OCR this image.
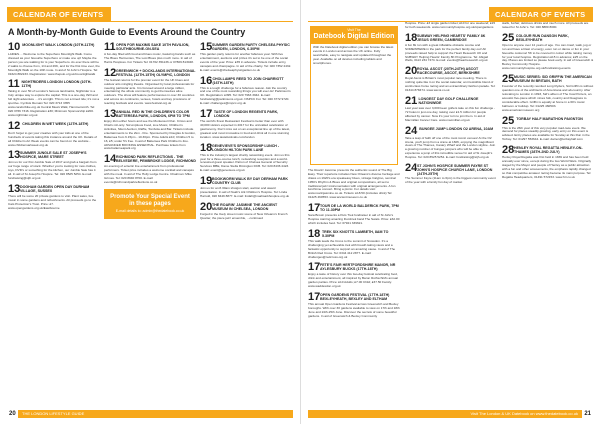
CALENDAR OF EVENTS
A Month-by-Month Guide to Events Around the Country
10 MOONLIGHT WALK LONDON (10TH-11TH)
LADIES.... Welcome to the Superhero Moonlight Walk. Come dressed as your favourite Superhero or make one up! Maybe the person you are walking for is your Superhero. As ever there will be 2 walks to choose from, 1/4 and 26K, and for the first time ever, the Moonlight Walk on the 10th route. In aid of St John's Hospice. Tel: 01624 882233. Registration: www.thepolo.org.uk/moonlightwalk
11 NIGHTRIDERS LONDON LONDON (10TH-11TH)
Taking in over 50 of London's famous landmarks, Nightrider is a truly unique way to explore the capital. This is a one-day thrill and full night adventure ... it's at night. This is not a timed ride; it's not a sportive. Cyclists Remain Tel: 020 3713 3355 www.careforbike.org.uk Central Mews Walk, Hammersmith. Tel: 020 3766 7316. Registration £30; Minimum Sponsorship £200. www.nightrider.org.uk
12 CHILDREN IN WET WEEK (12TH-18TH)
Don't forget to get your creative with your kids at one of the hundreds of events taking this instance around the UK. Details of all Children's Art Week events can be found on the website - www.childrensartweek.org.uk
13 SUMMER JUNGLE SALE ST JOSEPH'S HOSPICE, MARE STREET
Join us for our first Jumble Sale of 2017 and grab a bargain from our huge range of stock. Whether you're looking for new clothes, toys, DVD's or something for the kitchen, our Jumble Sale has it all. In aid of St Joseph's Hospice. Tel: 020 8525 5254. E-mail: fundraising@stjh.org.uk
13 DOGHAM GARDEN OPEN DAY DURHAM VILLAGE, SUSSEX
There will be some 20 private gardens to visit. Plant sales, live music in some gardens and refreshments. All proceeds go to the Cats Protection's Trust. Price: £7. www.opengardens.org.uk/Eastbourne
11 OPEN FOR MAXIMS SAKE 10TH PAVILION, SOUTHBOURNE-ON-SEA
A fun-day filled with food and blues music, featuring bands such as The Blues Harmonies, The Lost Blues plus much more. In aid of Harris Hospices. For Tickets Tel: 01702 351136 or 07809 813048.
12 GREENWICH + DOCKLANDS INTERNATIONAL FESTIVAL (12TH-15TH) OLYMPIC, LONDON
The festival returns for the premier event for the UK blues and outdoor arts mingling theatre. Organised by local professionals for meeting particular acts. It is focused around a large million, entertaining the whole community to get themselves alive outdoors. The show will feature performances in over 30 countries and across six continents, venues, hotels and key provisions of reacting festivals and events. www.festival.org.uk
13 ANNUAL RED IN THE CHILDREN'S COLOR BATTERSEA PARK, LONDON, 6PM TO 7PM
Enjoy 2km either hours and see the Montessori Run. Circus and Chiefs roll-only. Scrumptious Food, Live Music, Children's Activities, Silent Auction, Raffle, Tombola and Bar. Tickets include entertainments to the 2km - Fire. Sponsored by Douglas & Gordon, Battersea from 6.15pm - 10.30pm. Price Adults £10; Children 5 to 16, £5; under 5's free. In aid of Battersea Park Children's Zoo. ADVANCED BOOKING ESSENTIAL. Purchase tickets from www.batterseapark.org
14 RICHMOND PARK REFLECTIONS - THE BELVEDERE, PEMBROKE LODGE, RICHMOND
An evening of eclectic live entertainment from professional performers. Ticket price includes a welcome cocktail and canapés with the meal. In aid of The Holly Lodge Centre. Chairman: Mike Grimes. Tel: 020 8940 8700. E-mail: events@richmondparkreflections.co.uk
Promote Your Special Event in these pages
E-mail details to: admin@thedatebook.co.uk
15 SUMMER GARDEN PARTY CHELSEA PHYSIC GARDEN, LONDON, 6.30PM
This garden party returns for another fabulous year. With live entertainment, auctions and prizes it's set to be one of the social events of the year. Price: £35 in advance. Tickets include entry, canapés and champagne. In aid of the charity. Tel: 020 7352 2432. E-mail: events@chelseaphysicgarden.co.uk
16 CHOLLAMPS REED TO JOIN CHARRIOTT (16TH-18TH)
This is a tough challenge for a fabulous reason. Ask the country and one of the most rewarding things you will ever do! Parkinson's UK. Registration: £395. Tel: 020 7963 3942. E-mail: fundraising@parkinsons.org.uk. NSPCC Fol. Tel: 020 3772 9720. E-mail: challenges@nspcc.org.uk
17 TASTE OF LONDON REGENTS PARK, LONDON
The world's finest Restaurant Festival is better than ever with 40,000 visitors expected in 2017 for the unrivalled celebration of gastronomy. Don't miss out on an exceptional line up of the latest, greatest and most innovative in food and drink all in one stunning location. www.tastefestivals.com/london
18 GENEVIEVE'S SPONSORSHIP LUNCH - LONDON HILTON PARK LANE
This is the industry's largest charity networking event. Join us this year for a three-course lunch, networking reception and a world-renowned guest speaker. Patron of Chelsea General of Security Services MBE, Dame Stella Rimington DCB. Tel: 020 8436 4423. E-mail: event@genevieve.org.uk
19 BOOKWORM WALK BY DAY DERHAM PARK COUNTRY CLUB
Join us for an 8.30am shotgun start, auction and award presentation. In aid of Noah's Ark Children's Hospice. Tel: Linda Harrold, 020 8449 8877. E-mail: lindah@noahsarkhospice.org.uk
20 THE ROARIN' JASMINE THE ANCIENT MUSEUM IN CHELSEA, LONDON
Forged in the lively street music scene of New Orleans's French Quarter, the piece jazz ensemble, ...continued
20	THE LONDON LIFESTYLE GUIDE
CALENDAR OF EVENTS
Visit The
Datebook Digital Edition
With the Datebook digital edition you can browse the latest events in London and across the UK online. Fully searchable, easy to navigate and updated throughout the year. Available on all devices including tablets and smartphones.
The Roarin' Jasmine presents the authentic sound of The Big Easy. Their repertoire includes New Orleans's diverse heritage and draws on 1920's era speakeasy blues, vintage Calypso, seminal 1950's Rhythm & Blues and original compositions, all set to traditional jazz instrumentation with original arrangements. A fun lunchtime concert. Bring a picnic. For details visit: www.roarinjasmine.co.uk. Tickets: £18.50 (includes drink) Tel: 01225 460553. www.ancientmuseum.co.uk
17 TOUR DE LA WORLD BALDERICK PARK, 7PM TO 11.30PM
Sara Brown presents a Pets Trek fundraiser in aid of St John's Hospice starring amazing Dumbrek band The Swats. Price: £32.00 which includes food. Tel: 07921 339621.
18 TREK SIX KNOTTS LAMBETH, 8AM TO 5.30PM
This walk leads the Cross to the summit of Snowdon. It's a challenging yet achievable trek with breath taking views and a fantastic opportunity to support an amazing cause. In aid of The British Red Cross. Tel: 0344 412 2877. E-mail: challenges@redcross.org.uk
17 FETE'S FAIR HERTFORDSHIRE MANOR, NR AYLESBURY BUCKS (17TH-18TH)
Enjoy a taste of history over this two-day festival celebrating food, drink and entertainment, all inspired by Baron Rothschild's annual garden parties. Price: £10 Adults; £7.00 Child; £37.50 Family. www.waddesdon.org.uk
17 OPEN GARDENS FESTIVAL (17TH-18TH) BEXLEYHEATH, BEXLEY AND ELTHAM
This annual Open Gardens Festival across Greenwich and Bexley boroughs. With over 30 gardens available to view on 17th and 18th June and 24th-25th June. Discover the secrets of some beautiful gardens. In aid of Greenwich & Bexley Community
Hospice. Price: £3 single garden ticket; £10 for one weekend; £15 for both weekends. www.communityhospice.org.uk/opengardens
18 SUBWAY HELPING HEARTS' FAMILY 8K JESUS GREEN, CAMBRIDGE
A fun 8k run with a great inflatable obstacle course and SOMEWHERE in the park for the perfect family day out! All proceeds raised help to support the Heart Research UK and SUBWAY Helping Hearts' Family 8K Programme. Tel: Abigail Wells, 0113 234 7474. E-mail: events@heartresearch.org.uk
20 ROYAL ASCOT (20TH-24TH) ASCOT RACECOURSE, ASCOT, BERKSHIRE
Royal Ascot is Britain's most popular race meeting. There is nothing quite like it on the social calendar, an irresistible blend of world-class horse racing and an extraordinary fashion parade. Tel: 01344 878474. www.ascot.co.uk
21 LONGEST DAY GOLF CHALLENGE NATIONWIDE
Last year saw over 3,000 keen golfers take on this fun challenge - 72 holes in just one day, raising over £1.5 million for people affected by cancer. Now it's your turn to join them. In aid of Macmillan Cancer Care. www.macmillan.org.uk
24 BUNGEE JUMP LONDON O2 ARENA, 10AM
Take a leap of faith off one of the most iconic venues! At the O2 Arena, you'll jump from a crane at 160ft, enjoying the magnificent views of The Thames, Canary Wharf and the London skyline. Join a growing number of bungee jumpers who will be able to experience a jump of this incredible venue! In aid of St Joseph's Hospice. Tel: 020 8525 5254. E-mail: fundraising@stjh.org.uk
24 ST JOHN'S HOSPICE SUMMER FAYRE ST JOHN'S HOSPICE CHURCH LANE, LONDON (24TH-25TH)
The Summer Fayre (11am to 6pm) is the biggest community event of the year with a family fun day of market
stalls, funfair, delicious drinks and much more. All proceeds are raised for St John's. Tel: 020 8880 8000.
25 COLOUR RUN DANSON PARK, BEXLEYHEATH
Open to anyone over 12 years of age. You can crawl, walk, jog or run and have a blast of energy, even run or dance or fun in your favourite costume! 5K to be covered in colour while raising money for your local hospice. Registration £15 in advance; £25 on the day. Places are limited so please book early. In aid of Greenwich & Bexley Community Hospice. www.communityhospice.org.uk/fundraising-events
25 MUSIC SERIES: SID GRIFFIN THE AMERICAN MUSEUM IN BRITAIN, BATH
Founder of the recently reunited Long Ryders, Sid Griffin is without question one of the architects of Americana and alt-country. After relocating to London in 1993, Sid's album of The Coal Porters, an acoustic five-piece which mixes folk, country and bluegrass to considerable effect. Griffin is equally at home in a 60's music ballroom or buildup. Tel: 01225 460503. www.americanmuseum.org
25 TORBAY HALF MARATHON PAIGNTON
This is the 26th year of this very popular road-race event. We demand for places steadily growing, early entry on this event is advised. Entry places are available for Sunday at this Run in the Torbay. Tel: 01297 553644. E-mail: darren@torbayhalf.com
28 HENLEY ROYAL REGATTA HENLEY-ON-THAMES (28TH-2ND JULY)
Henley Royal Regatta was first held in 1839 and has been held annually ever since, except during the two World Wars. Originally staged by the Mayor and people of Henley as a public attraction with a fun and other amusements, the emphasis rapidly changed so that competitive amateur racing became its main purpose. Tel: Regatta Headquarters, 01491 572153. www.hrr.co.uk
Visit The London & UK Datebook on www.thedatebook.co.uk	21
